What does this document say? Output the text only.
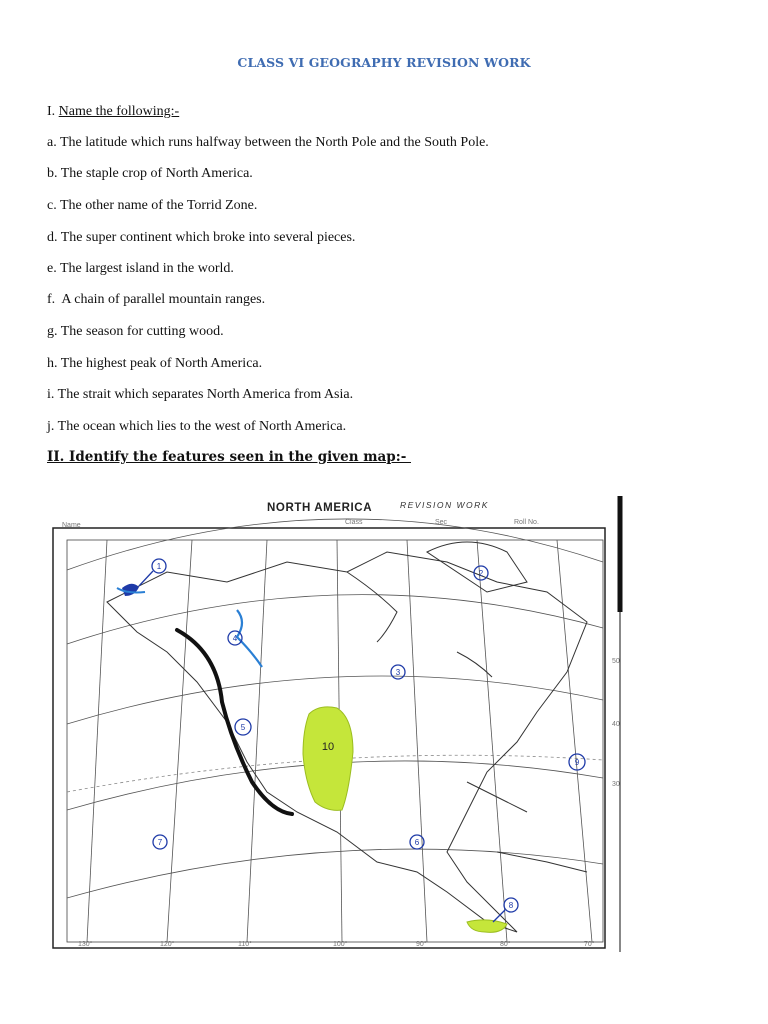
CLASS VI GEOGRAPHY REVISION WORK
I. Name the following:-
a. The latitude which runs halfway between the North Pole and the South Pole.
b. The staple crop of North America.
c. The other name of the Torrid Zone.
d. The super continent which broke into several pieces.
e. The largest island in the world.
f.  A chain of parallel mountain ranges.
g. The season for cutting wood.
h. The highest peak of North America.
i. The strait which separates North America from Asia.
j. The ocean which lies to the west of North America.
II. Identify the features seen in the given map:-
10
1
2
3
4
5
6
7
8
9
NORTH AMERICA	REVISION WORK
Name	Class	Sec	Roll No.
130°	120°	110°	100°	90°	80°	70°
50
40
30
